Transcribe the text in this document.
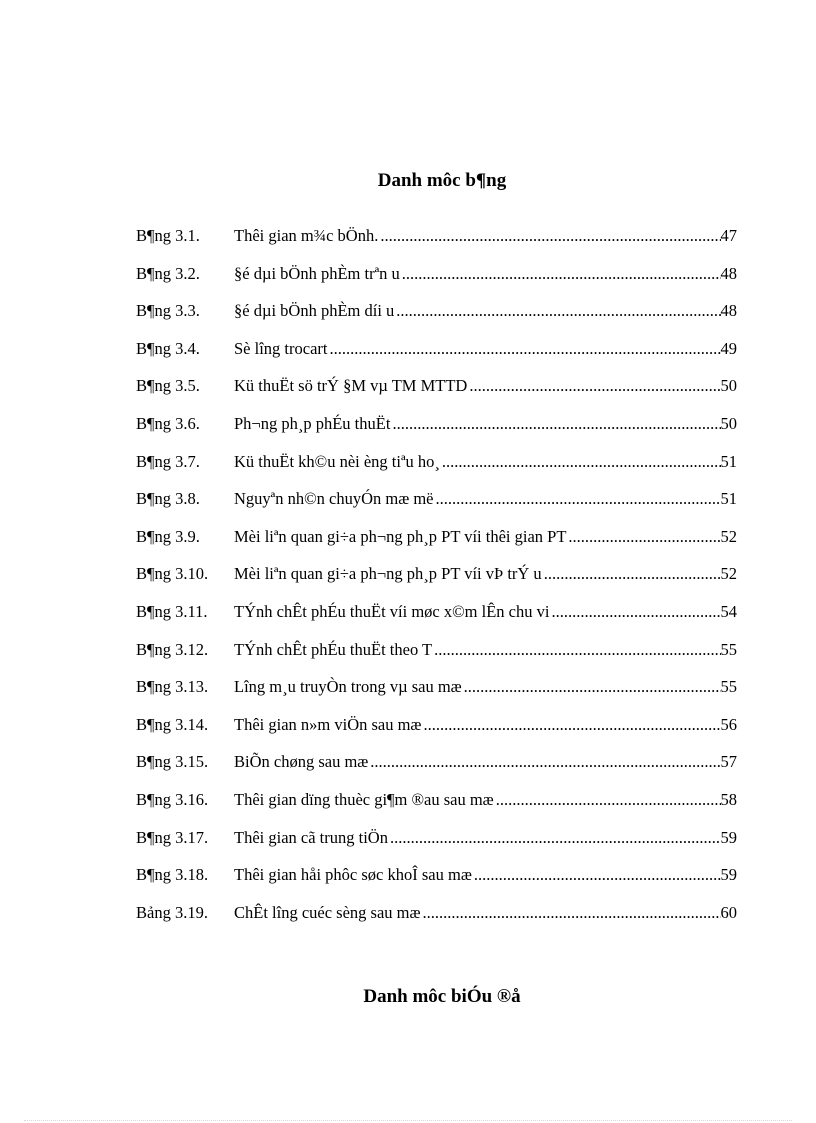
Danh môc b¶ng
B¶ng 3.1.	Thêi gian m¾c bÖnh. .....	47
B¶ng 3.2.	§é dµi bÖnh phÈm trªn u .....	48
B¶ng 3.3.	§é dµi bÖnh phÈm díi u .....	48
B¶ng 3.4.	Sè lîng trocart .....	49
B¶ng 3.5.	Kü thuËt sö trÝ §M vµ TM MTTD .....	50
B¶ng 3.6.	Ph¬ng ph¸p phÉu thuËt .....	50
B¶ng 3.7.	Kü thuËt kh©u nèi èng tiªu ho¸ .....	51
B¶ng 3.8.	Nguyªn nh©n chuyÓn mæ më .....	51
B¶ng 3.9.	Mèi liªn quan gi÷a ph¬ng ph¸p PT víi thêi gian PT .....	52
B¶ng 3.10.	Mèi liªn quan gi÷a ph¬ng ph¸p PT víi vÞ trÝ u .....	52
B¶ng 3.11.	TÝnh chÊt phÉu thuËt víi møc x©m lÊn chu vi .....	54
B¶ng 3.12.	TÝnh chÊt phÉu thuËt theo T .....	55
B¶ng 3.13.	Lîng m¸u truyÒn trong vµ sau mæ .....	55
B¶ng 3.14.	Thêi gian n»m viÖn sau mæ .....	56
B¶ng 3.15.	BiÕn chøng sau mæ .....	57
B¶ng 3.16.	Thêi gian dïng thuèc gi¶m ®au sau mæ .....	58
B¶ng 3.17.	Thêi gian cã trung tiÖn .....	59
B¶ng 3.18.	Thêi gian håi phôc søc khoÎ sau mæ .....	59
Bảng 3.19.	ChÊt lîng cuéc sèng sau mæ .....	60
Danh môc biÓu ®å
